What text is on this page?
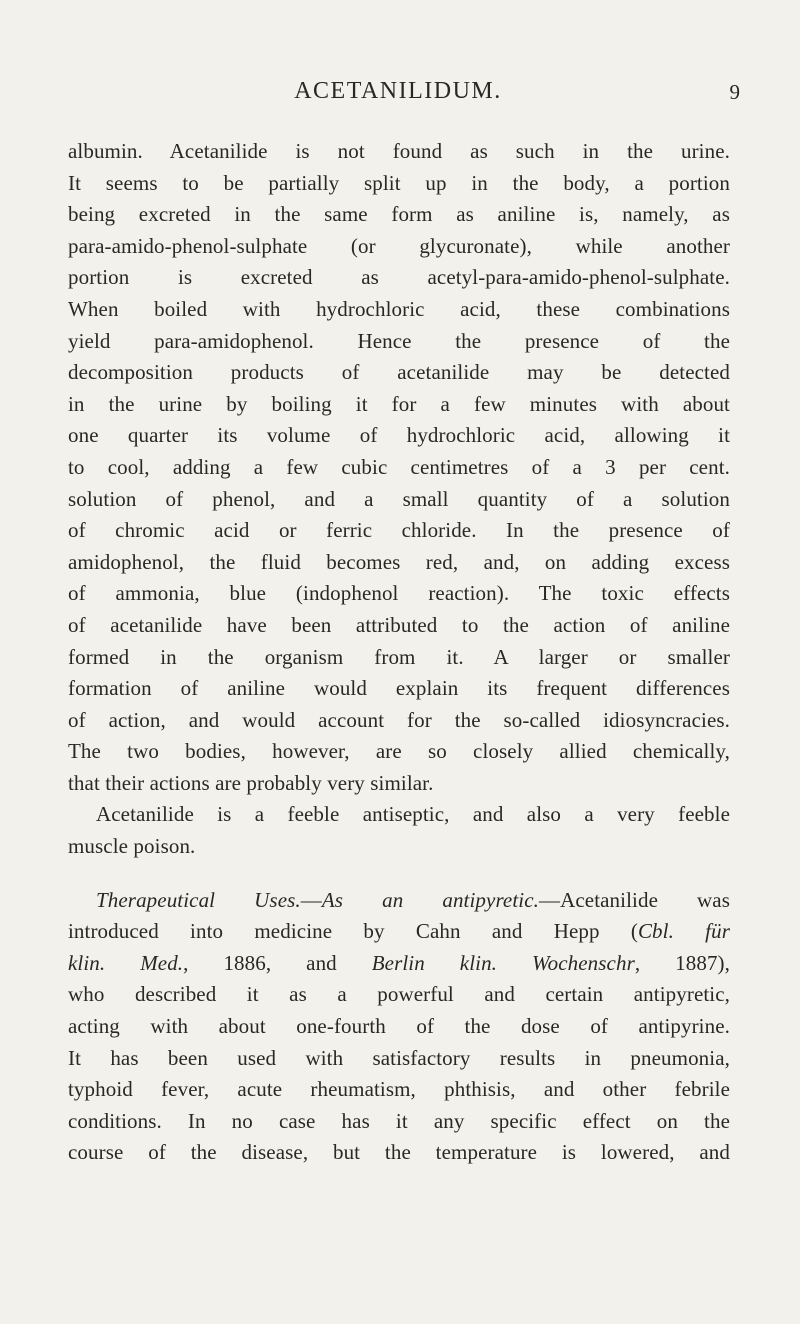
ACETANILIDUM.	9
albumin. Acetanilide is not found as such in the urine.
It seems to be partially split up in the body, a portion
being excreted in the same form as aniline is, namely, as
para-amido-phenol-sulphate (or glycuronate), while another
portion is excreted as acetyl-para-amido-phenol-sulphate.
When boiled with hydrochloric acid, these combinations
yield para-amidophenol. Hence the presence of the
decomposition products of acetanilide may be detected
in the urine by boiling it for a few minutes with about
one quarter its volume of hydrochloric acid, allowing it
to cool, adding a few cubic centimetres of a 3 per cent.
solution of phenol, and a small quantity of a solution
of chromic acid or ferric chloride. In the presence of
amidophenol, the fluid becomes red, and, on adding excess
of ammonia, blue (indophenol reaction). The toxic effects
of acetanilide have been attributed to the action of aniline
formed in the organism from it. A larger or smaller
formation of aniline would explain its frequent differences
of action, and would account for the so-called idiosyncracies.
The two bodies, however, are so closely allied chemically,
that their actions are probably very similar.
Acetanilide is a feeble antiseptic, and also a very feeble
muscle poison.
Therapeutical Uses.—As an antipyretic.—Acetanilide was
introduced into medicine by Cahn and Hepp (Cbl. für
klin. Med., 1886, and Berlin klin. Wochenschr, 1887),
who described it as a powerful and certain antipyretic,
acting with about one-fourth of the dose of antipyrine.
It has been used with satisfactory results in pneumonia,
typhoid fever, acute rheumatism, phthisis, and other febrile
conditions. In no case has it any specific effect on the
course of the disease, but the temperature is lowered, and
